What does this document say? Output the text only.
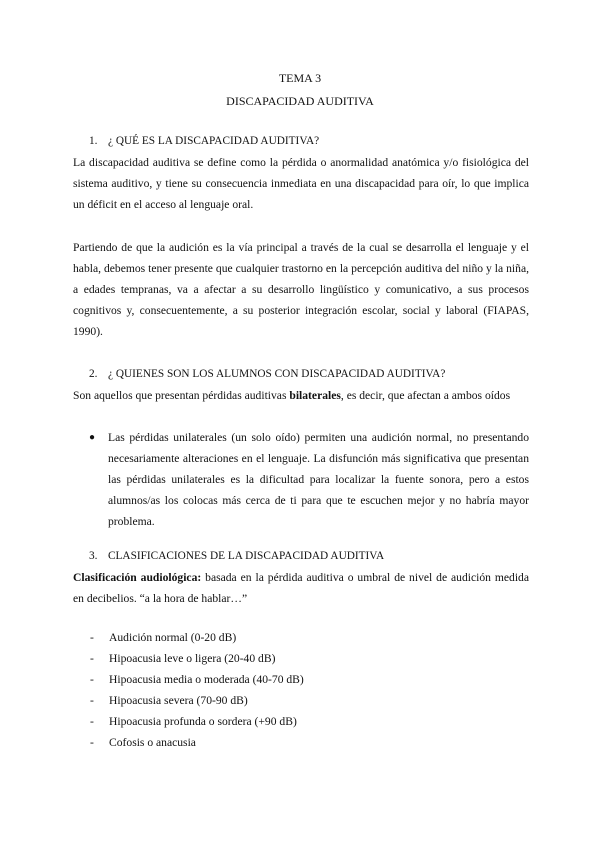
TEMA 3
DISCAPACIDAD AUDITIVA
1. ¿ QUÉ ES LA DISCAPACIDAD AUDITIVA?

La discapacidad auditiva se define como la pérdida o anormalidad anatómica y/o fisiológica del sistema auditivo, y tiene su consecuencia inmediata en una discapacidad para oír, lo que implica un déficit en el acceso al lenguaje oral.

Partiendo de que la audición es la vía principal a través de la cual se desarrolla el lenguaje y el habla, debemos tener presente que cualquier trastorno en la percepción auditiva del niño y la niña, a edades tempranas, va a afectar a su desarrollo lingüístico y comunicativo, a sus procesos cognitivos y, consecuentemente, a su posterior integración escolar, social y laboral (FIAPAS, 1990).

2. ¿ QUIENES SON LOS ALUMNOS CON DISCAPACIDAD AUDITIVA?

Son aquellos que presentan pérdidas auditivas bilaterales, es decir, que afectan a ambos oídos

● Las pérdidas unilaterales (un solo oído) permiten una audición normal, no presentando necesariamente alteraciones en el lenguaje. La disfunción más significativa que presentan las pérdidas unilaterales es la dificultad para localizar la fuente sonora, pero a estos alumnos/as los colocas más cerca de ti para que te escuchen mejor y no habría mayor problema.

3. CLASIFICACIONES DE LA DISCAPACIDAD AUDITIVA

Clasificación audiológica: basada en la pérdida auditiva o umbral de nivel de audición medida en decibelios. “a la hora de hablar…”

- Audición normal (0-20 dB)
- Hipoacusia leve o ligera (20-40 dB)
- Hipoacusia media o moderada (40-70 dB)
- Hipoacusia severa (70-90 dB)
- Hipoacusia profunda o sordera (+90 dB)
- Cofosis o anacusia
